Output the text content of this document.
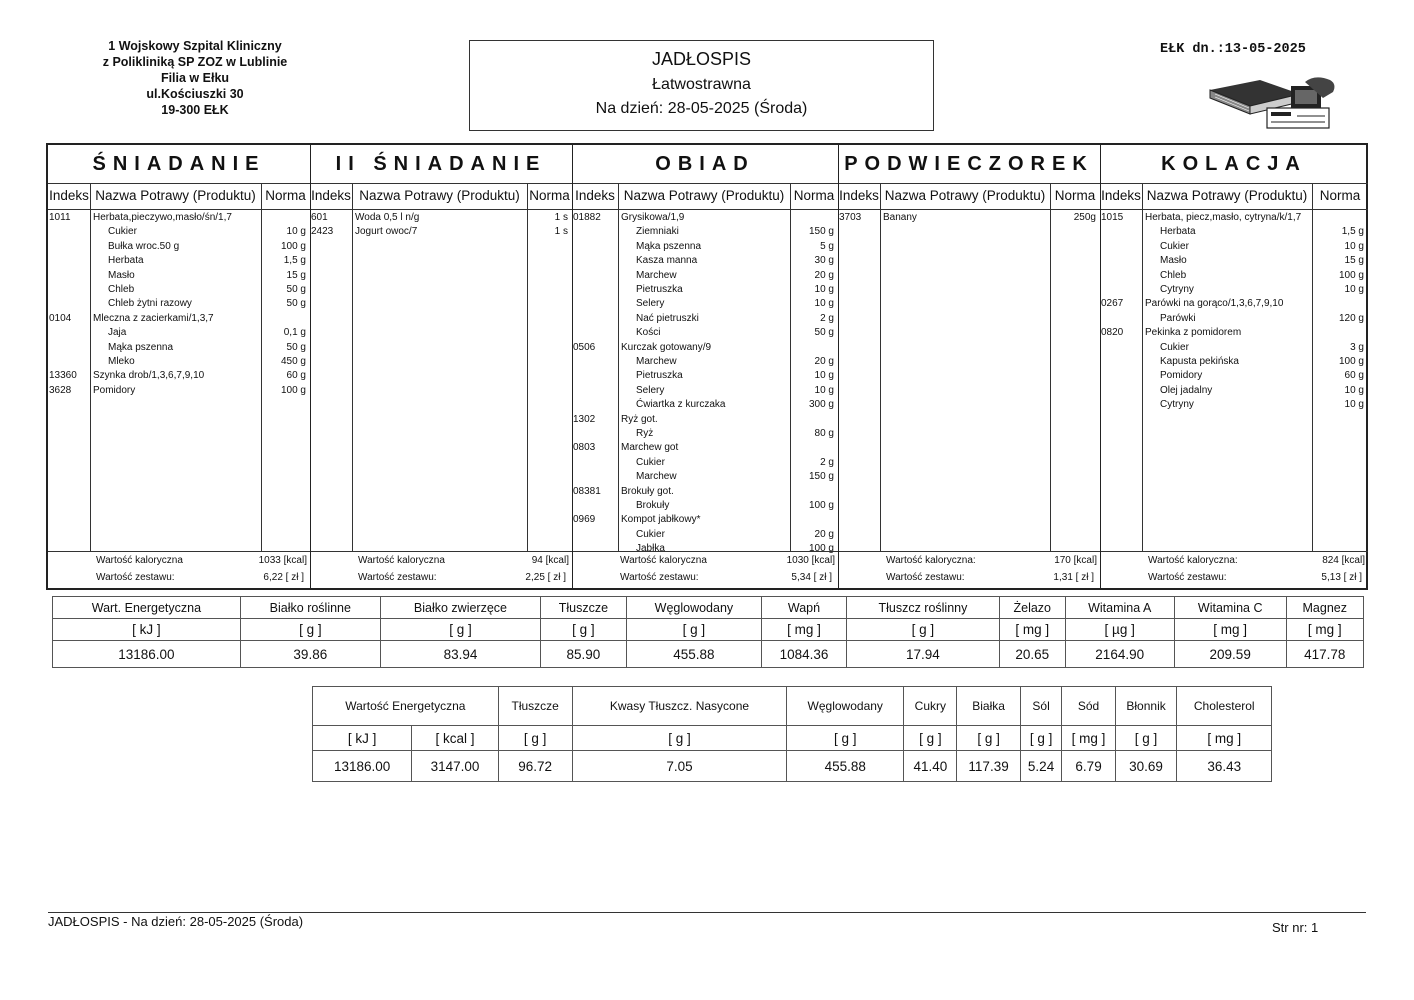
1 Wojskowy Szpital Kliniczny
z Polikliniką SP ZOZ w Lublinie
Filia w Ełku
ul.Kościuszki 30
19-300 EŁK
JADŁOSPIS
Łatwostrawna
Na dzień: 28-05-2025 (Środa)
EŁK dn.:13-05-2025
ŚNIADANIE
Indeks Nazwa Potrawy (Produktu) Norma
1011 Herbata,pieczywo,masło/śn/1,7
Cukier	10 g
Bułka wroc.50 g	100 g
Herbata	1,5 g
Masło	15 g
Chleb	50 g
Chleb żytni razowy	50 g
0104 Mleczna z zacierkami/1,3,7
Jaja	0,1 g
Mąka pszenna	50 g
Mleko	450 g
13360 Szynka drob/1,3,6,7,9,10	60 g
3628 Pomidory	100 g
Wartość kaloryczna	1033 [kcal]
Wartość zestawu:	6,22 [ zł ]
II ŚNIADANIE
Indeks Nazwa Potrawy (Produktu) Norma
601	Woda 0,5 l n/g	1 s
2423 Jogurt owoc/7	1 s
Wartość kaloryczna	94 [kcal]
Wartość zestawu:	2,25 [ zł ]
OBIAD
Indeks Nazwa Potrawy (Produktu) Norma
01882 Grysikowa/1,9
Ziemniaki	150 g
Mąka pszenna	5 g
Kasza manna	30 g
Marchew	20 g
Pietruszka	10 g
Selery	10 g
Nać pietruszki	2 g
Kości	50 g
0506	Kurczak gotowany/9
Marchew	20 g
Pietruszka	10 g
Selery	10 g
Ćwiartka z kurczaka	300 g
1302	Ryż got.
Ryż	80 g
0803	Marchew got
Cukier	2 g
Marchew	150 g
08381 Brokuły got.
Brokuły	100 g
0969	Kompot jabłkowy*
Cukier	20 g
Jabłka	100 g
Wartość kaloryczna	1030 [kcal]
Wartość zestawu:	5,34 [ zł ]
PODWIECZOREK
Indeks Nazwa Potrawy (Produktu) Norma
3703 Banany	250g
Wartość kaloryczna:	170 [kcal]
Wartość zestawu:	1,31 [ zł ]
KOLACJA
Indeks Nazwa Potrawy (Produktu) Norma
1015 Herbata, piecz,masło, cytryna/k/1,7
Herbata	1,5 g
Cukier	10 g
Masło	15 g
Chleb	100 g
Cytryny	10 g
0267 Parówki na gorąco/1,3,6,7,9,10
Parówki	120 g
0820 Pekinka z pomidorem
Cukier	3 g
Kapusta pekińska	100 g
Pomidory	60 g
Olej jadalny	10 g
Cytryny	10 g
Wartość kaloryczna:	824 [kcal]
Wartość zestawu:	5,13 [ zł ]
Wart. Energetyczna	Białko roślinne	Białko zwierzęce	Tłuszcze	Węglowodany	Wapń	Tłuszcz roślinny	Żelazo	Witamina A	Witamina C	Magnez
[ kJ ]	[ g ]	[ g ]	[ g ]	[ g ]	[ mg ]	[ g ]	[ mg ]	[ µg ]	[ mg ]	[ mg ]
13186.00	39.86	83.94	85.90	455.88	1084.36	17.94	20.65	2164.90	209.59	417.78
Wartość Energetyczna		Tłuszcze	Kwasy Tłuszcz. Nasycone	Węglowodany	Cukry	Białka	Sól	Sód	Błonnik	Cholesterol
[ kJ ]	[ kcal ]	[ g ]	[ g ]	[ g ]	[ g ]	[ g ]	[ g ]	[ mg ]	[ g ]	[ mg ]
13186.00	3147.00	96.72	7.05	455.88	41.40	117.39	5.24	6.79	30.69	36.43
JADŁOSPIS - Na dzień: 28-05-2025 (Środa)	Str nr: 1
